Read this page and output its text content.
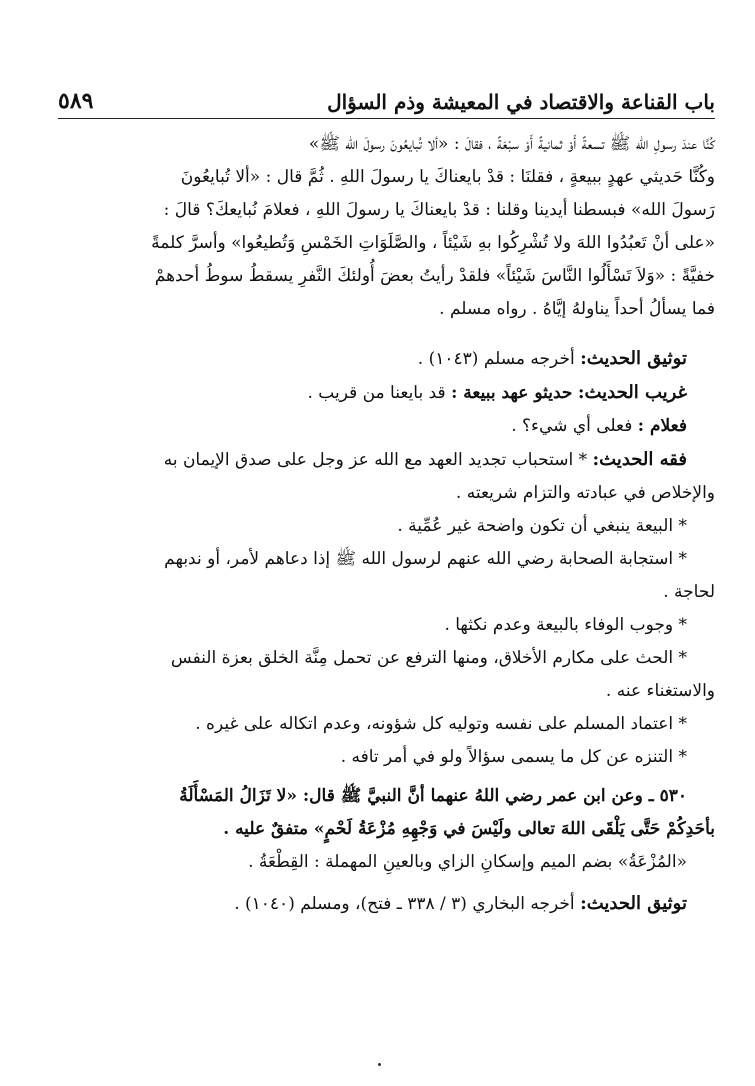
باب القناعة والاقتصاد في المعيشة وذم السؤال
٥٨٩

كُنَّا عندَ رسولِ الله ﷺ تسعةً أَوْ ثمانيةً أَوْ سبْعَةً ، فقالَ : «ألا تُبايعُونَ رسولَ الله ﷺ»

وكُنَّا حَديثي عهدٍ ببيعةٍ ، فقلنَا : قدْ بايعناكَ يا رسولَ اللهِ . ثُمَّ قال : «ألا تُبايعُونَ

رَسولَ الله» فبسطنا أيدينا وقلنا : قدْ بايعناكَ يا رسولَ اللهِ ، فعلامَ نُبايعكَ؟ قالَ :

«على أنْ تَعبُدُوا اللهَ ولا تُشْرِكُوا بهِ شَيْئاً ، والصَّلَوَاتِ الخَمْسِ وَتُطيعُوا» وأسرَّ كلمةً

خفيَّةً : «وَلاَ تَسْأَلُوا النَّاسَ شَيْئاً» فلقدْ رأيتُ بعضَ أُولئكَ النَّفرِ يسقطُ سوطُ أحدهمْ

فما يسألُ أحداً يناولهُ إيَّاهُ . رواه مسلم .

توثيق الحديث: أخرجه مسلم (١٠٤٣) .

غريب الحديث: حديثو عهد ببيعة : قد بايعنا من قريب .

فعلام : فعلى أي شيء؟ .

فقه الحديث: * استحباب تجديد العهد مع الله عز وجل على صدق الإيمان به

والإخلاص في عبادته والتزام شريعته .

* البيعة ينبغي أن تكون واضحة غير عُمِّية .

* استجابة الصحابة رضي الله عنهم لرسول الله ﷺ إذا دعاهم لأمر، أو ندبهم

لحاجة .

* وجوب الوفاء بالبيعة وعدم نكثها .

* الحث على مكارم الأخلاق، ومنها الترفع عن تحمل مِنَّة الخلق بعزة النفس

والاستغناء عنه .

* اعتماد المسلم على نفسه وتوليه كل شؤونه، وعدم اتكاله على غيره .

* التنزه عن كل ما يسمى سؤالاً ولو في أمر تافه .

٥٣٠ ـ وعن ابن عمر رضي اللهُ عنهما أنَّ النبيَّ ﷺ قال: «لا تَزَالُ المَسْأَلَةُ

بأحَدِكُمْ حَتَّى يَلْقَى اللهَ تعالى ولَيْسَ في وَجْهِهِ مُزْعَةُ لَحْمٍ» متفقٌ عليه .

«المُزْعَةُ» بضم الميم وإسكانِ الزاي وبالعينِ المهملة : القِطْعَةُ .

توثيق الحديث: أخرجه البخاري (٣ / ٣٣٨ ـ فتح)، ومسلم (١٠٤٠) .
